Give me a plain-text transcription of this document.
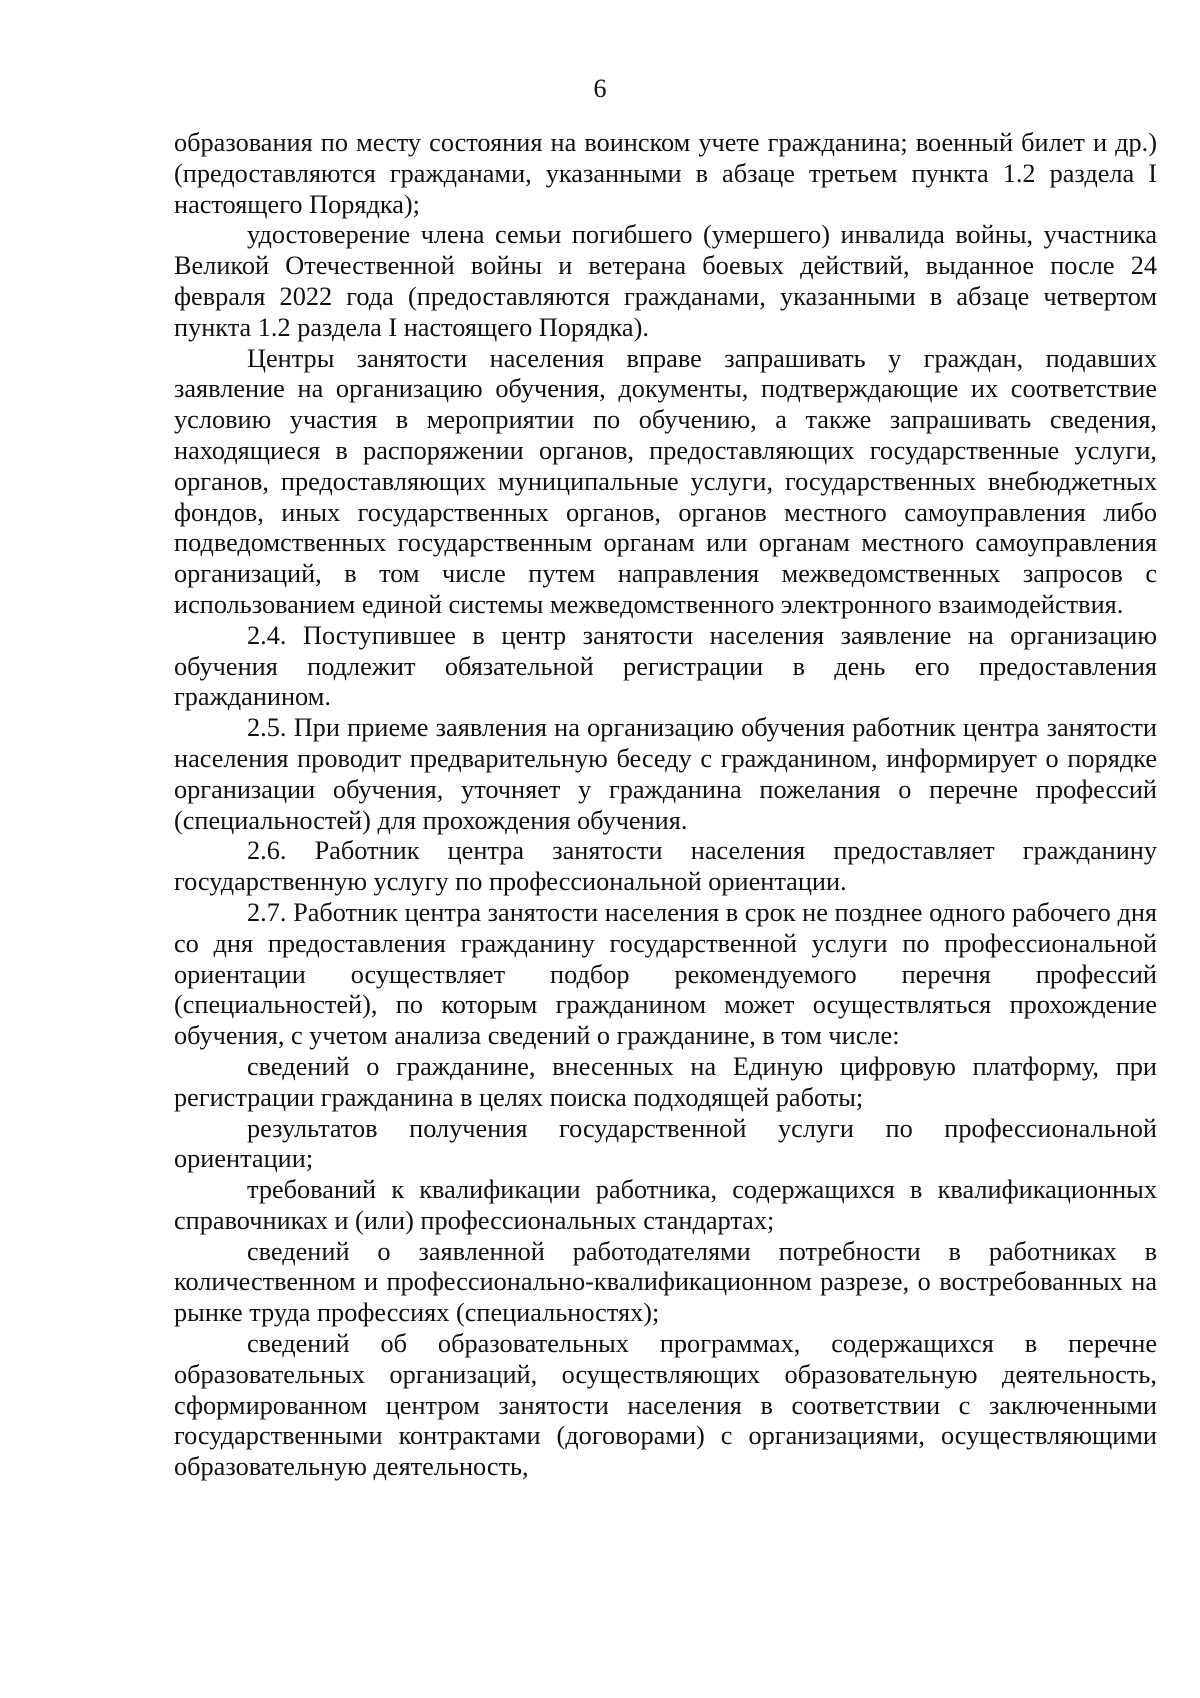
6

образования по месту состояния на воинском учете гражданина; военный билет и др.) (предоставляются гражданами, указанными в абзаце третьем пункта 1.2 раздела I настоящего Порядка);

удостоверение члена семьи погибшего (умершего) инвалида войны, участника Великой Отечественной войны и ветерана боевых действий, выданное после 24 февраля 2022 года (предоставляются гражданами, указанными в абзаце четвертом пункта 1.2 раздела I настоящего Порядка).

Центры занятости населения вправе запрашивать у граждан, подавших заявление на организацию обучения, документы, подтверждающие их соответствие условию участия в мероприятии по обучению, а также запрашивать сведения, находящиеся в распоряжении органов, предоставляющих государственные услуги, органов, предоставляющих муниципальные услуги, государственных внебюджетных фондов, иных государственных органов, органов местного самоуправления либо подведомственных государственным органам или органам местного самоуправления организаций, в том числе путем направления межведомственных запросов с использованием единой системы межведомственного электронного взаимодействия.

2.4. Поступившее в центр занятости населения заявление на организацию обучения подлежит обязательной регистрации в день его предоставления гражданином.

2.5. При приеме заявления на организацию обучения работник центра занятости населения проводит предварительную беседу с гражданином, информирует о порядке организации обучения, уточняет у гражданина пожелания о перечне профессий (специальностей) для прохождения обучения.

2.6. Работник центра занятости населения предоставляет гражданину государственную услугу по профессиональной ориентации.

2.7. Работник центра занятости населения в срок не позднее одного рабочего дня со дня предоставления гражданину государственной услуги по профессиональной ориентации осуществляет подбор рекомендуемого перечня профессий (специальностей), по которым гражданином может осуществляться прохождение обучения, с учетом анализа сведений о гражданине, в том числе:

сведений о гражданине, внесенных на Единую цифровую платформу, при регистрации гражданина в целях поиска подходящей работы;

результатов получения государственной услуги по профессиональной ориентации;

требований к квалификации работника, содержащихся в квалификационных справочниках и (или) профессиональных стандартах;

сведений о заявленной работодателями потребности в работниках в количественном и профессионально-квалификационном разрезе, о востребованных на рынке труда профессиях (специальностях);

сведений об образовательных программах, содержащихся в перечне образовательных организаций, осуществляющих образовательную деятельность, сформированном центром занятости населения в соответствии с заключенными государственными контрактами (договорами) с организациями, осуществляющими образовательную деятельность,
